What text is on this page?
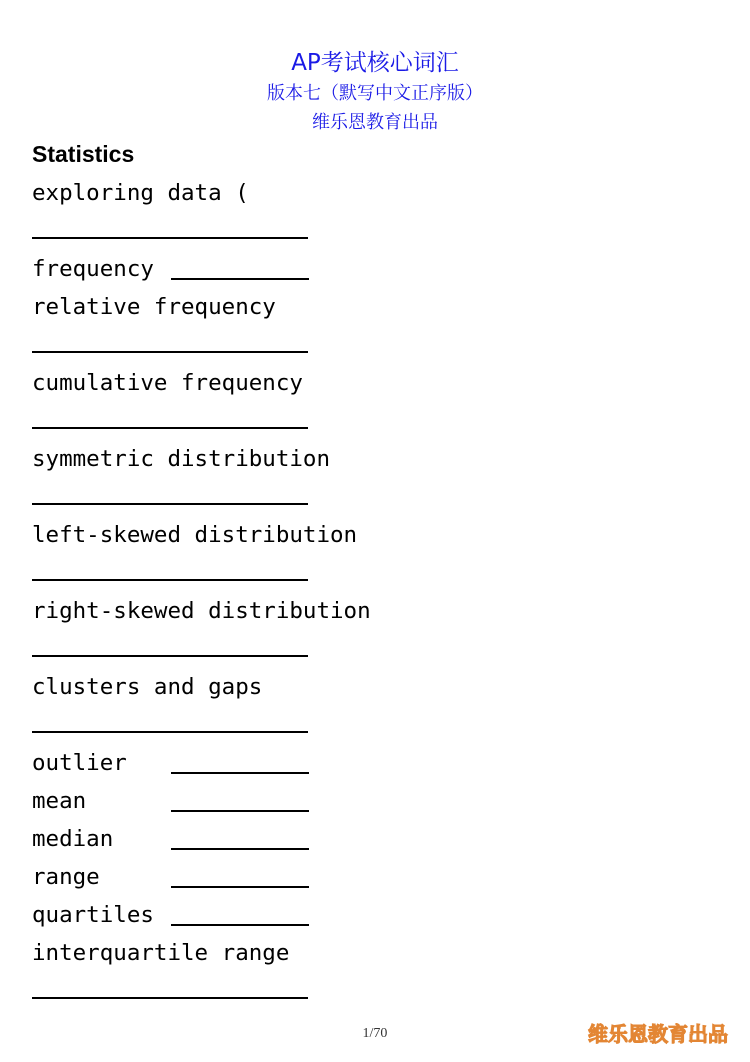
AP考试核心词汇
版本七（默写中文正序版）
维乐恩教育出品
Statistics
exploring data (
frequency
relative frequency
cumulative frequency
symmetric distribution
left-skewed distribution
right-skewed distribution
clusters and gaps
outlier
mean
median
range
quartiles
interquartile range
1/70	维乐恩教育出品
